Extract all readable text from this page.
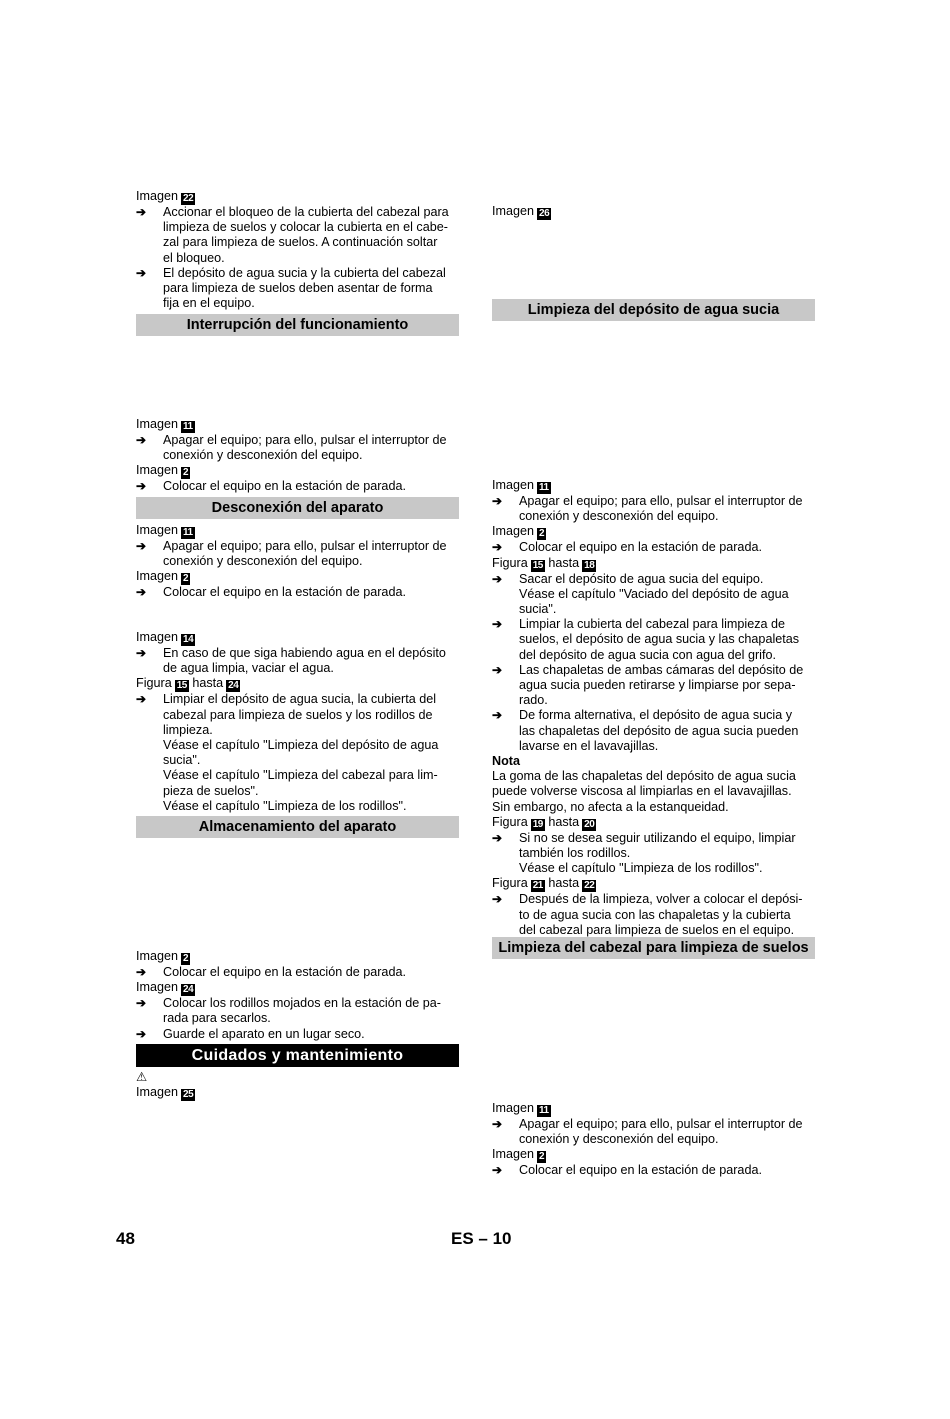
Imagen 22
➔ Accionar el bloqueo de la cubierta del cabezal para
limpieza de suelos y colocar la cubierta en el cabe-
zal para limpieza de suelos. A continuación soltar
el bloqueo.
➔ El depósito de agua sucia y la cubierta del cabezal
para limpieza de suelos deben asentar de forma
fija en el equipo.
Interrupción del funcionamiento
Imagen 11
➔ Apagar el equipo; para ello, pulsar el interruptor de
conexión y desconexión del equipo.
Imagen 2
➔ Colocar el equipo en la estación de parada.
Desconexión del aparato
Imagen 11
➔ Apagar el equipo; para ello, pulsar el interruptor de
conexión y desconexión del equipo.
Imagen 2
➔ Colocar el equipo en la estación de parada.
Imagen 14
➔ En caso de que siga habiendo agua en el depósito
de agua limpia, vaciar el agua.
Figura 15 hasta 24
➔ Limpiar el depósito de agua sucia, la cubierta del
cabezal para limpieza de suelos y los rodillos de
limpieza.
Véase el capítulo "Limpieza del depósito de agua
sucia".
Véase el capítulo "Limpieza del cabezal para lim-
pieza de suelos".
Véase el capítulo "Limpieza de los rodillos".
Almacenamiento del aparato
Imagen 2
➔ Colocar el equipo en la estación de parada.
Imagen 24
➔ Colocar los rodillos mojados en la estación de pa-
rada para secarlos.
➔ Guarde el aparato en un lugar seco.
Cuidados y mantenimiento
⚠
Imagen 25
Imagen 26
Limpieza del depósito de agua sucia
Imagen 11
➔ Apagar el equipo; para ello, pulsar el interruptor de
conexión y desconexión del equipo.
Imagen 2
➔ Colocar el equipo en la estación de parada.
Figura 15 hasta 18
➔ Sacar el depósito de agua sucia del equipo.
Véase el capítulo "Vaciado del depósito de agua
sucia".
➔ Limpiar la cubierta del cabezal para limpieza de
suelos, el depósito de agua sucia y las chapaletas
del depósito de agua sucia con agua del grifo.
➔ Las chapaletas de ambas cámaras del depósito de
agua sucia pueden retirarse y limpiarse por sepa-
rado.
➔ De forma alternativa, el depósito de agua sucia y
las chapaletas del depósito de agua sucia pueden
lavarse en el lavavajillas.
Nota
La goma de las chapaletas del depósito de agua sucia
puede volverse viscosa al limpiarlas en el lavavajillas.
Sin embargo, no afecta a la estanqueidad.
Figura 19 hasta 20
➔ Si no se desea seguir utilizando el equipo, limpiar
también los rodillos.
Véase el capítulo "Limpieza de los rodillos".
Figura 21 hasta 22
➔ Después de la limpieza, volver a colocar el depósi-
to de agua sucia con las chapaletas y la cubierta
del cabezal para limpieza de suelos en el equipo.
Limpieza del cabezal para limpieza de suelos
Imagen 11
➔ Apagar el equipo; para ello, pulsar el interruptor de
conexión y desconexión del equipo.
Imagen 2
➔ Colocar el equipo en la estación de parada.
48	ES – 10
